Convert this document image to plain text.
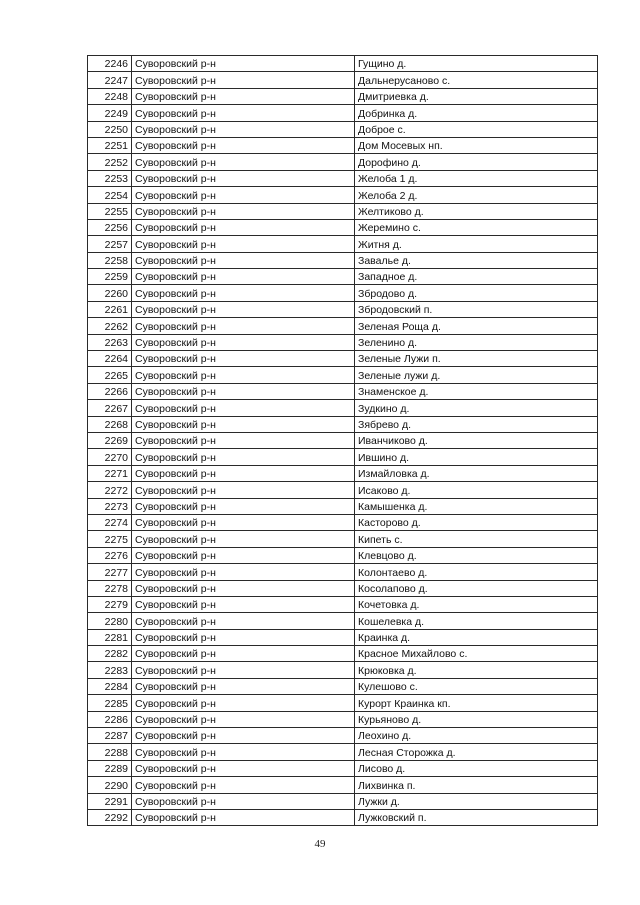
2246	Суворовский р-н	Гущино д.
2247	Суворовский р-н	Дальнерусаново с.
2248	Суворовский р-н	Дмитриевка д.
2249	Суворовский р-н	Добринка д.
2250	Суворовский р-н	Доброе с.
2251	Суворовский р-н	Дом Мосевых нп.
2252	Суворовский р-н	Дорофино д.
2253	Суворовский р-н	Желоба 1 д.
2254	Суворовский р-н	Желоба 2 д.
2255	Суворовский р-н	Желтиково д.
2256	Суворовский р-н	Жеремино с.
2257	Суворовский р-н	Житня д.
2258	Суворовский р-н	Завалье д.
2259	Суворовский р-н	Западное д.
2260	Суворовский р-н	Збродово д.
2261	Суворовский р-н	Збродовский п.
2262	Суворовский р-н	Зеленая Роща д.
2263	Суворовский р-н	Зеленино д.
2264	Суворовский р-н	Зеленые Лужи п.
2265	Суворовский р-н	Зеленые лужи д.
2266	Суворовский р-н	Знаменское д.
2267	Суворовский р-н	Зудкино д.
2268	Суворовский р-н	Зябрево д.
2269	Суворовский р-н	Иванчиково д.
2270	Суворовский р-н	Ившино д.
2271	Суворовский р-н	Измайловка д.
2272	Суворовский р-н	Исаково д.
2273	Суворовский р-н	Камышенка д.
2274	Суворовский р-н	Касторово д.
2275	Суворовский р-н	Кипеть с.
2276	Суворовский р-н	Клевцово д.
2277	Суворовский р-н	Колонтаево д.
2278	Суворовский р-н	Косолапово д.
2279	Суворовский р-н	Кочетовка д.
2280	Суворовский р-н	Кошелевка д.
2281	Суворовский р-н	Краинка д.
2282	Суворовский р-н	Красное Михайлово с.
2283	Суворовский р-н	Крюковка д.
2284	Суворовский р-н	Кулешово с.
2285	Суворовский р-н	Курорт Краинка кп.
2286	Суворовский р-н	Курьяново д.
2287	Суворовский р-н	Леохино д.
2288	Суворовский р-н	Лесная Сторожка д.
2289	Суворовский р-н	Лисово д.
2290	Суворовский р-н	Лихвинка п.
2291	Суворовский р-н	Лужки д.
2292	Суворовский р-н	Лужковский п.
49
